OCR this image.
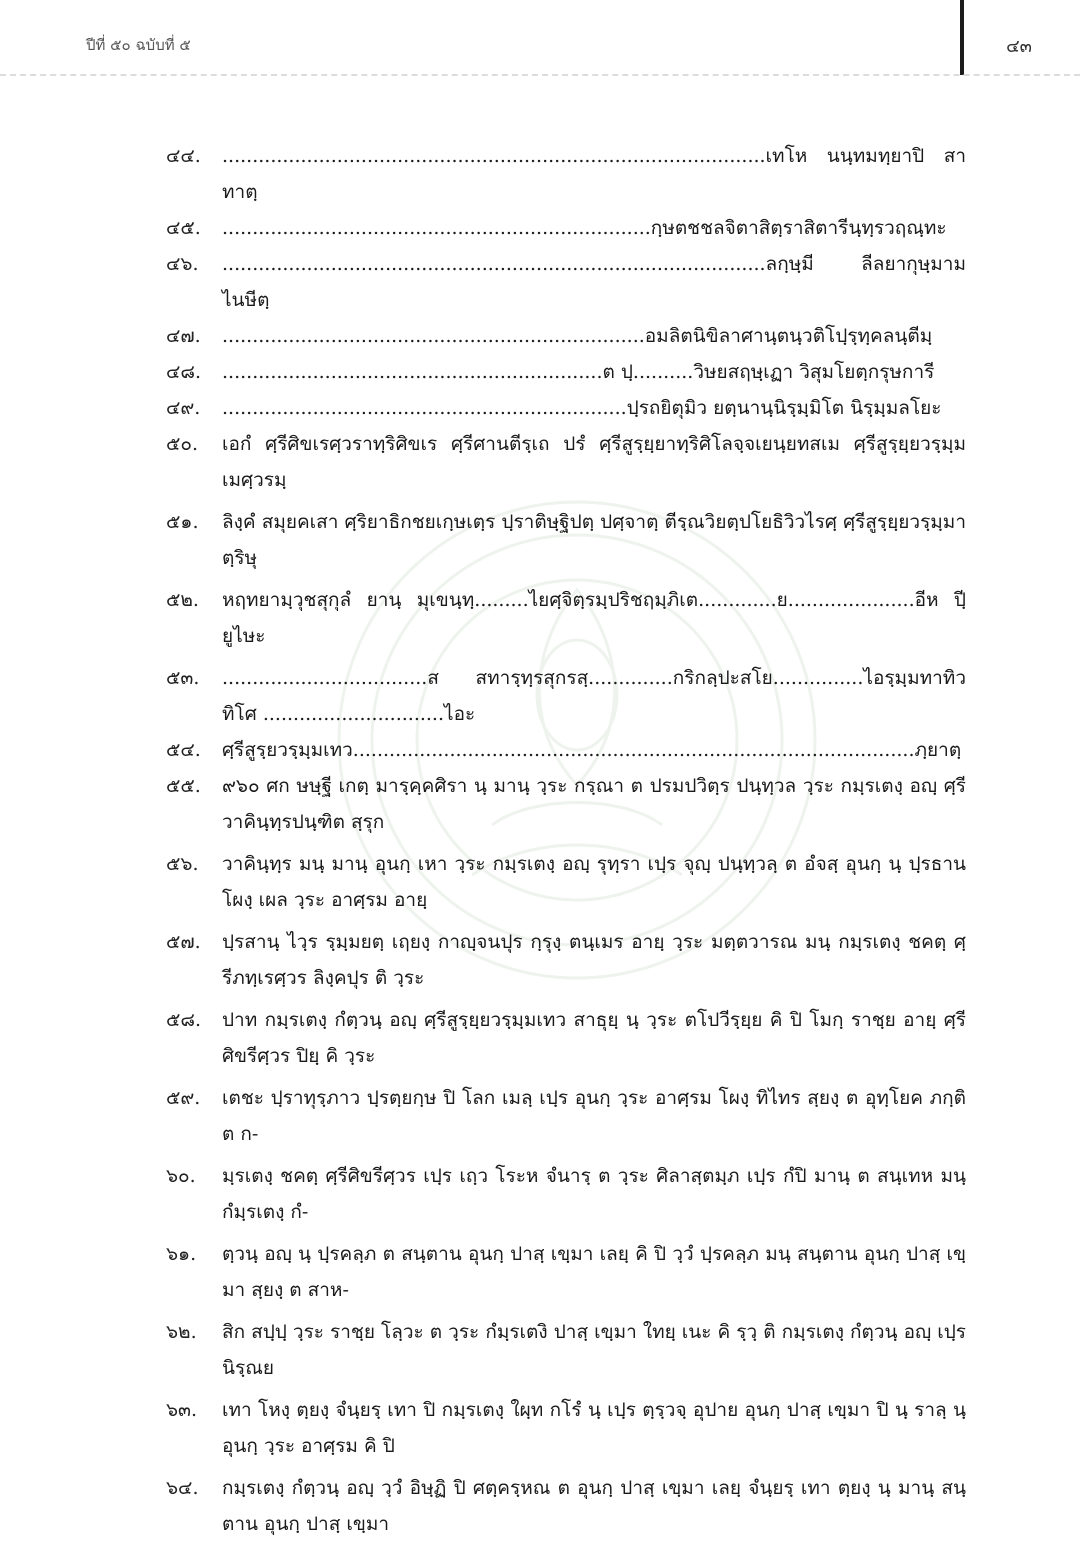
ปีที่ ๕๐ ฉบับที่ ๕	๔๓
๔๔.	..........................................................................................เทโห นนฺทมทฺยาปิ สาทาตฺ
๔๕.	.......................................................................กฺษตชชลจิตาสิตฺราสิตารีนฺทฺรวฤณฺทะ
๔๖.	..........................................................................................ลกฺษฺมี ลีลยากุษฺมามไนษีตฺ
๔๗.	......................................................................อมลิตนิขิลาศานฺตนฺวติโปฺรฺทฺคลนฺตีมฺ
๔๘.	...............................................................ต ปฺ..........วิษยสฤษฺเฏา วิสุมโยตฺกรุษการี
๔๙.	...................................................................ปฺรถยิตุมิว ยตฺนานฺนิรฺมฺมิโต นิรฺมฺมลโยะ
๕๐.	เอกํ ศฺรีศิขเรศฺวราทฺริศิขเร ศฺรีศานตีรฺเถ ปรํ ศฺรีสูรฺยฺยาทฺริศิโลจฺจเยนฺยทสเม ศฺรีสูรฺยฺยวรฺมฺมเมศฺวรมฺ
๕๑.	ลิงฺคํ สมุยคเสา ศฺริยาธิกชยเกฺษเตฺร ปฺราติษฺฐิปตฺ ปศฺจาตฺ ตีรฺณวิยตฺปโยธิวิวไรศฺ ศฺรีสูรฺยฺยวรฺมฺมา ตฺริษุ
๕๒.	หฤทยามฺวุชสุกุลํ ยานฺ มุเขนฺทฺ.........ไยศฺจิตฺรมฺปริชฤมฺภิเต.............ย.....................อีห ปีฺยูไษะ
๕๓.	..................................ส สทารฺทฺรสุกรสฺ..............กริกลฺปะสโย...............ไอรฺมฺมทาทิวทิโศ ..............................ไอะ
๕๔.	ศฺรีสูรฺยวรฺมฺมเทว.............................................................................................ภฺยาตฺ
๕๕.	๙๖๐ ศก ษษฺฐี เกตฺ มารฺคฺคศิรา นฺ มานฺ วฺระ กรฺณา ต ปรมปวิตฺร ปนฺทฺวล วฺระ กมฺรเตงฺ อญฺ ศฺรีวาคินฺทฺรปนฺฑิต สฺรุก
๕๖.	วาคินฺทฺร มนฺ มานฺ อุนกฺ เหา วฺระ กมฺรเตงฺ อญฺ รุทฺรา เปฺร จุญฺ ปนฺทฺวลฺ ต อํจสฺ อุนกฺ นฺ ปฺรธาน โผงฺ เผล วฺระ อาศฺรม อายฺ
๕๗.	ปฺรสานฺ ไวฺร รฺมฺมยตฺ เฤยงฺ กาญฺจนปุร กฺรุงฺ ตนฺเมร อายฺ วฺระ มตฺตวารณ มนฺ กมฺรเตงฺ ชคตฺ ศฺรีภทฺเรศฺวร ลิงฺคปุร ติ วฺระ
๕๘.	ปาท กมฺรเตงฺ กํตฺวนฺ อญฺ ศฺรีสูรฺยฺยวรฺมฺมเทว สาธุยฺ นฺ วฺระ ตโปวีรฺยฺย คิ ปิ โมกฺ ราชฺย อายฺ ศฺรีศิขรีศฺวร ปิยฺ คิ วฺระ
๕๙.	เตชะ ปฺราทุรฺภาว ปฺรตฺยกฺษ ปิ โลก เมลฺ เปฺร อุนกฺ วฺระ อาศฺรม โผงฺ ทิไทร สฺยงฺ ต อุทฺโยค ภกฺติ ต ก-
๖๐.	มฺรเตงฺ ชคตฺ ศฺรีศิขรีศฺวร เปฺร เถฺว โระห จํนารฺ ต วฺระ ศิลาสฺตมฺภ เปฺร กํปิ มานฺ ต สนฺเทห มนฺ กํมฺรเตงฺ กํ-
๖๑.	ตฺวนฺ อญฺ นฺ ปฺรคลฺภ ต สนฺตาน อุนกฺ ปาสฺ เขฺมา เลยฺ คิ ปิ วฺวํ ปฺรคลฺภ มนฺ สนฺตาน อุนกฺ ปาสฺ เขฺมา สฺยงฺ ต สาห-
๖๒.	สิก สปฺปฺ วฺระ ราชฺย โลฺวะ ต วฺระ กํมฺรเตงิ ปาสฺ เขฺมา ใทยฺ เนะ คิ รฺวฺ ติ กมฺรเตงฺ กํตฺวนฺ อญฺ เปฺร นิรฺณย
๖๓.	เทา โหงฺ ตฺยงฺ จํนฺยรฺ เทา ปิ กมฺรเตงฺ ใผฺท กโรํ นฺ เปฺร ตฺรฺวจฺ อุปาย อุนกฺ ปาสฺ เขฺมา ปิ นฺ ราลฺ นฺ อุนกฺ วฺระ อาศฺรม คิ ปิ
๖๔.	กมฺรเตงฺ กํตฺวนฺ อญฺ วฺวํ อิษฺฏิ ปิ ศตฺครฺหณ ต อุนกฺ ปาสฺ เขฺมา เลยฺ จํนฺยรฺ เทา ตฺยงฺ นฺ มานฺ สนฺตาน อุนกฺ ปาสฺ เขฺมา
